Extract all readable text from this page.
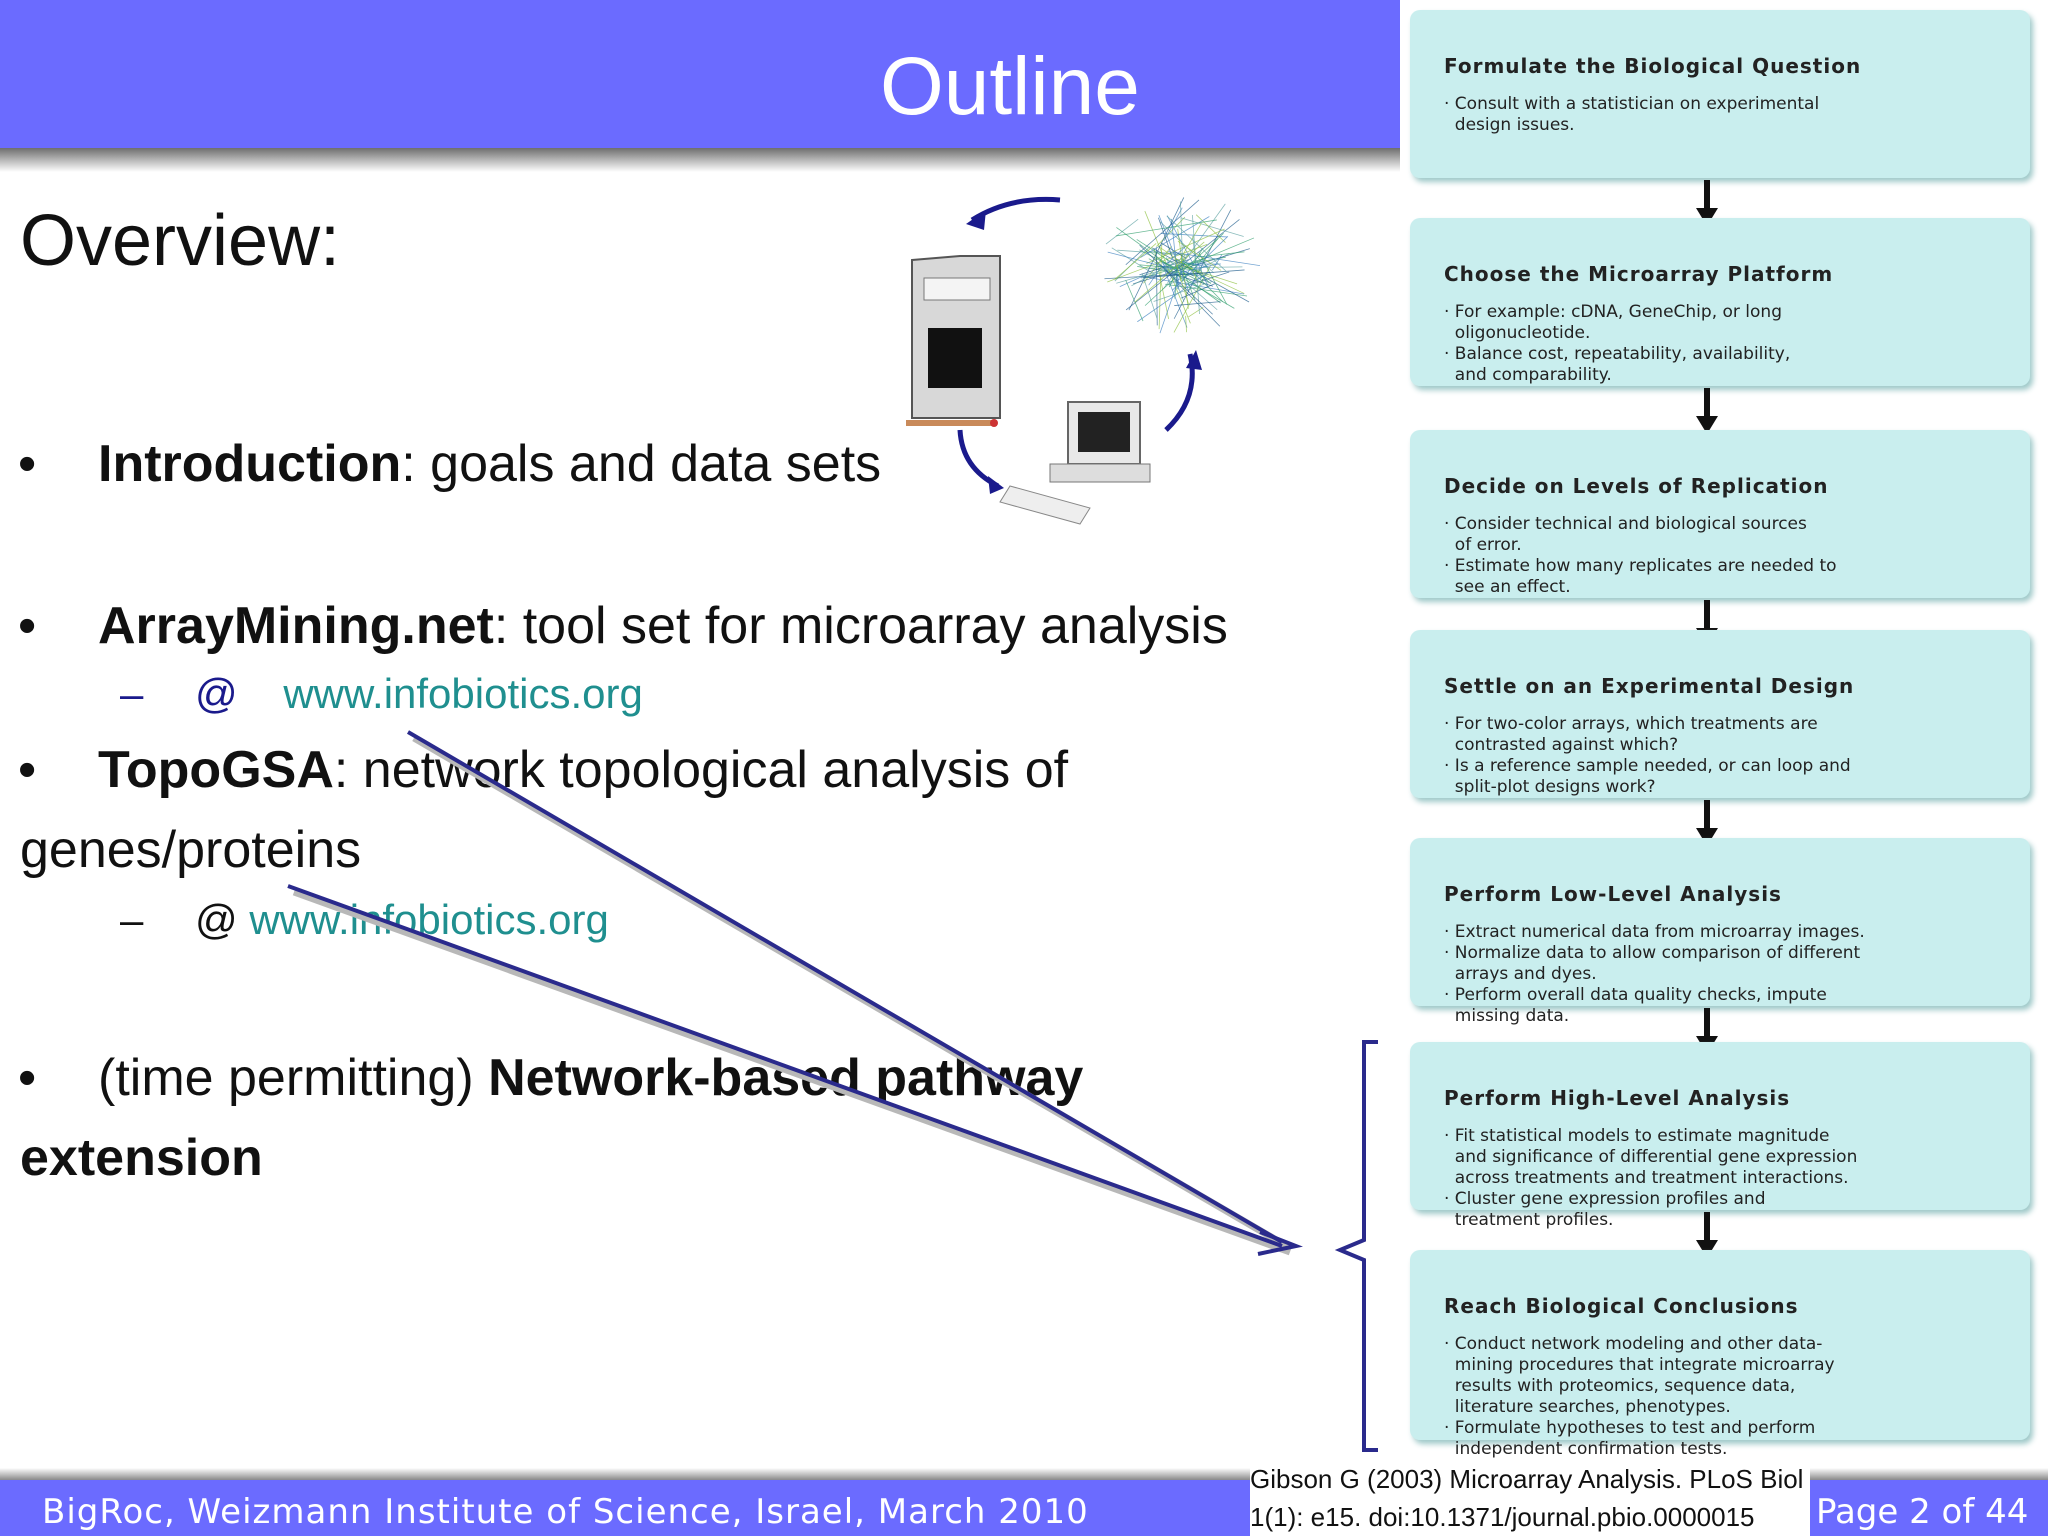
Outline	Formulate the Biological Question
· Consult with a statistician on experimental
design issues.
Choose the Microarray Platform
· For example: cDNA, GeneChip, or long
oligonucleotide.
· Balance cost, repeatability, availability,
and comparability.
Decide on Levels of Replication
· Consider technical and biological sources
of error.
· Estimate how many replicates are needed to
see an effect.
Settle on an Experimental Design
· For two-color arrays, which treatments are
contrasted against which?
· Is a reference sample needed, or can loop and
split-plot designs work?
Perform Low-Level Analysis
· Extract numerical data from microarray images.
· Normalize data to allow comparison of different
arrays and dyes.
· Perform overall data quality checks, impute
missing data.
Perform High-Level Analysis
· Fit statistical models to estimate magnitude
and significance of differential gene expression
across treatments and treatment interactions.
· Cluster gene expression profiles and
treatment profiles.
Reach Biological Conclusions
· Conduct network modeling and other data-
mining procedures that integrate microarray
results with proteomics, sequence data,
literature searches, phenotypes.
· Formulate hypotheses to test and perform
independent confirmation tests.
Overview:
• Introduction: goals and data sets
• ArrayMining.net: tool set for microarray analysis
– @ www.infobiotics.org
• TopoGSA: network topological analysis of
genes/proteins
– @ www.infobiotics.org
• (time permitting) Network-based pathway
extension
BigRoc, Weizmann Institute of Science, Israel, March 2010
Gibson G (2003) Microarray Analysis. PLoS Biol
1(1): e15. doi:10.1371/journal.pbio.0000015	Page 2 of 44
